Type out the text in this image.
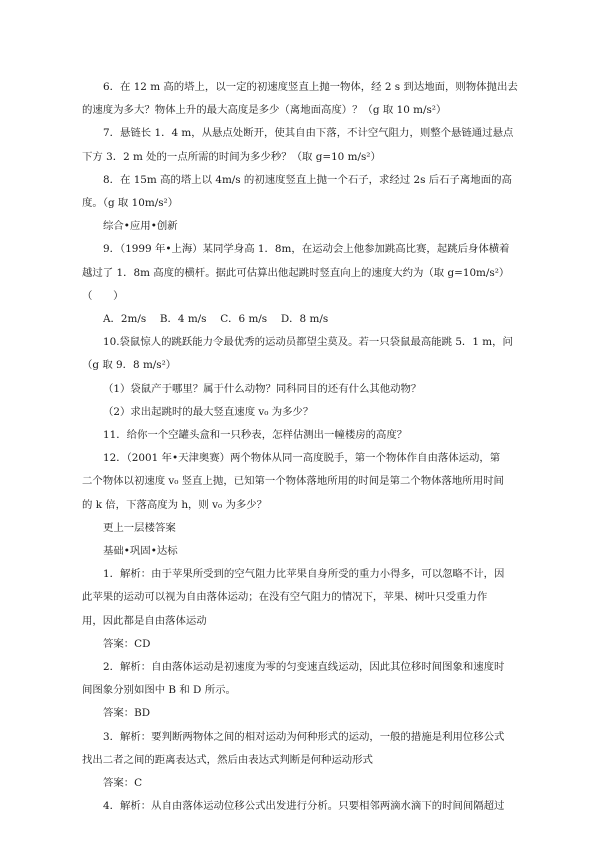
6．在 12 m 高的塔上，以一定的初速度竖直上抛一物体，经 2 s 到达地面，则物体抛出去
的速度为多大？物体上升的最大高度是多少（离地面高度）？（g 取 10 m/s²）
7．悬链长 1．4 m，从悬点处断开，使其自由下落，不计空气阻力，则整个悬链通过悬点
下方 3．2 m 处的一点所需的时间为多少秒？（取 g=10 m/s²）
8．在 15m 高的塔上以 4m/s 的初速度竖直上抛一个石子，求经过 2s 后石子离地面的高
度。（g 取 10m/s²）
综合•应用•创新
9．（1999 年•上海）某同学身高 1．8m，在运动会上他参加跳高比赛，起跳后身体横着
越过了 1．8m 高度的横杆。据此可估算出他起跳时竖直向上的速度大约为（取 g=10m/s²）
（　　）
A．2m/s　 B．4 m/s　 C．6 m/s　 D．8 m/s
10.袋鼠惊人的跳跃能力令最优秀的运动员都望尘莫及。若一只袋鼠最高能跳 5．1 m，问
（g 取 9．8 m/s²）
（1）袋鼠产于哪里？属于什么动物？同科同目的还有什么其他动物？
（2）求出起跳时的最大竖直速度 v₀ 为多少？
11．给你一个空罐头盒和一只秒表，怎样估测出一幢楼房的高度？
12．（2001 年•天津奥赛）两个物体从同一高度脱手，第一个物体作自由落体运动，第
二个物体以初速度 v₀ 竖直上抛，已知第一个物体落地所用的时间是第二个物体落地所用时间
的 k 倍，下落高度为 h，则 v₀ 为多少？
更上一层楼答案
基础•巩固•达标
1．解析：由于苹果所受到的空气阻力比苹果自身所受的重力小得多，可以忽略不计，因
此苹果的运动可以视为自由落体运动；在没有空气阻力的情况下，苹果、树叶只受重力作
用，因此都是自由落体运动
答案：CD
2．解析：自由落体运动是初速度为零的匀变速直线运动，因此其位移时间图象和速度时
间图象分别如图中 B 和 D 所示。
答案：BD
3．解析：要判断两物体之间的相对运动为何种形式的运动，一般的措施是利用位移公式
找出二者之间的距离表达式，然后由表达式判断是何种运动形式
答案：C
4．解析：从自由落体运动位移公式出发进行分析。只要相邻两滴水滴下的时间间隔超过
